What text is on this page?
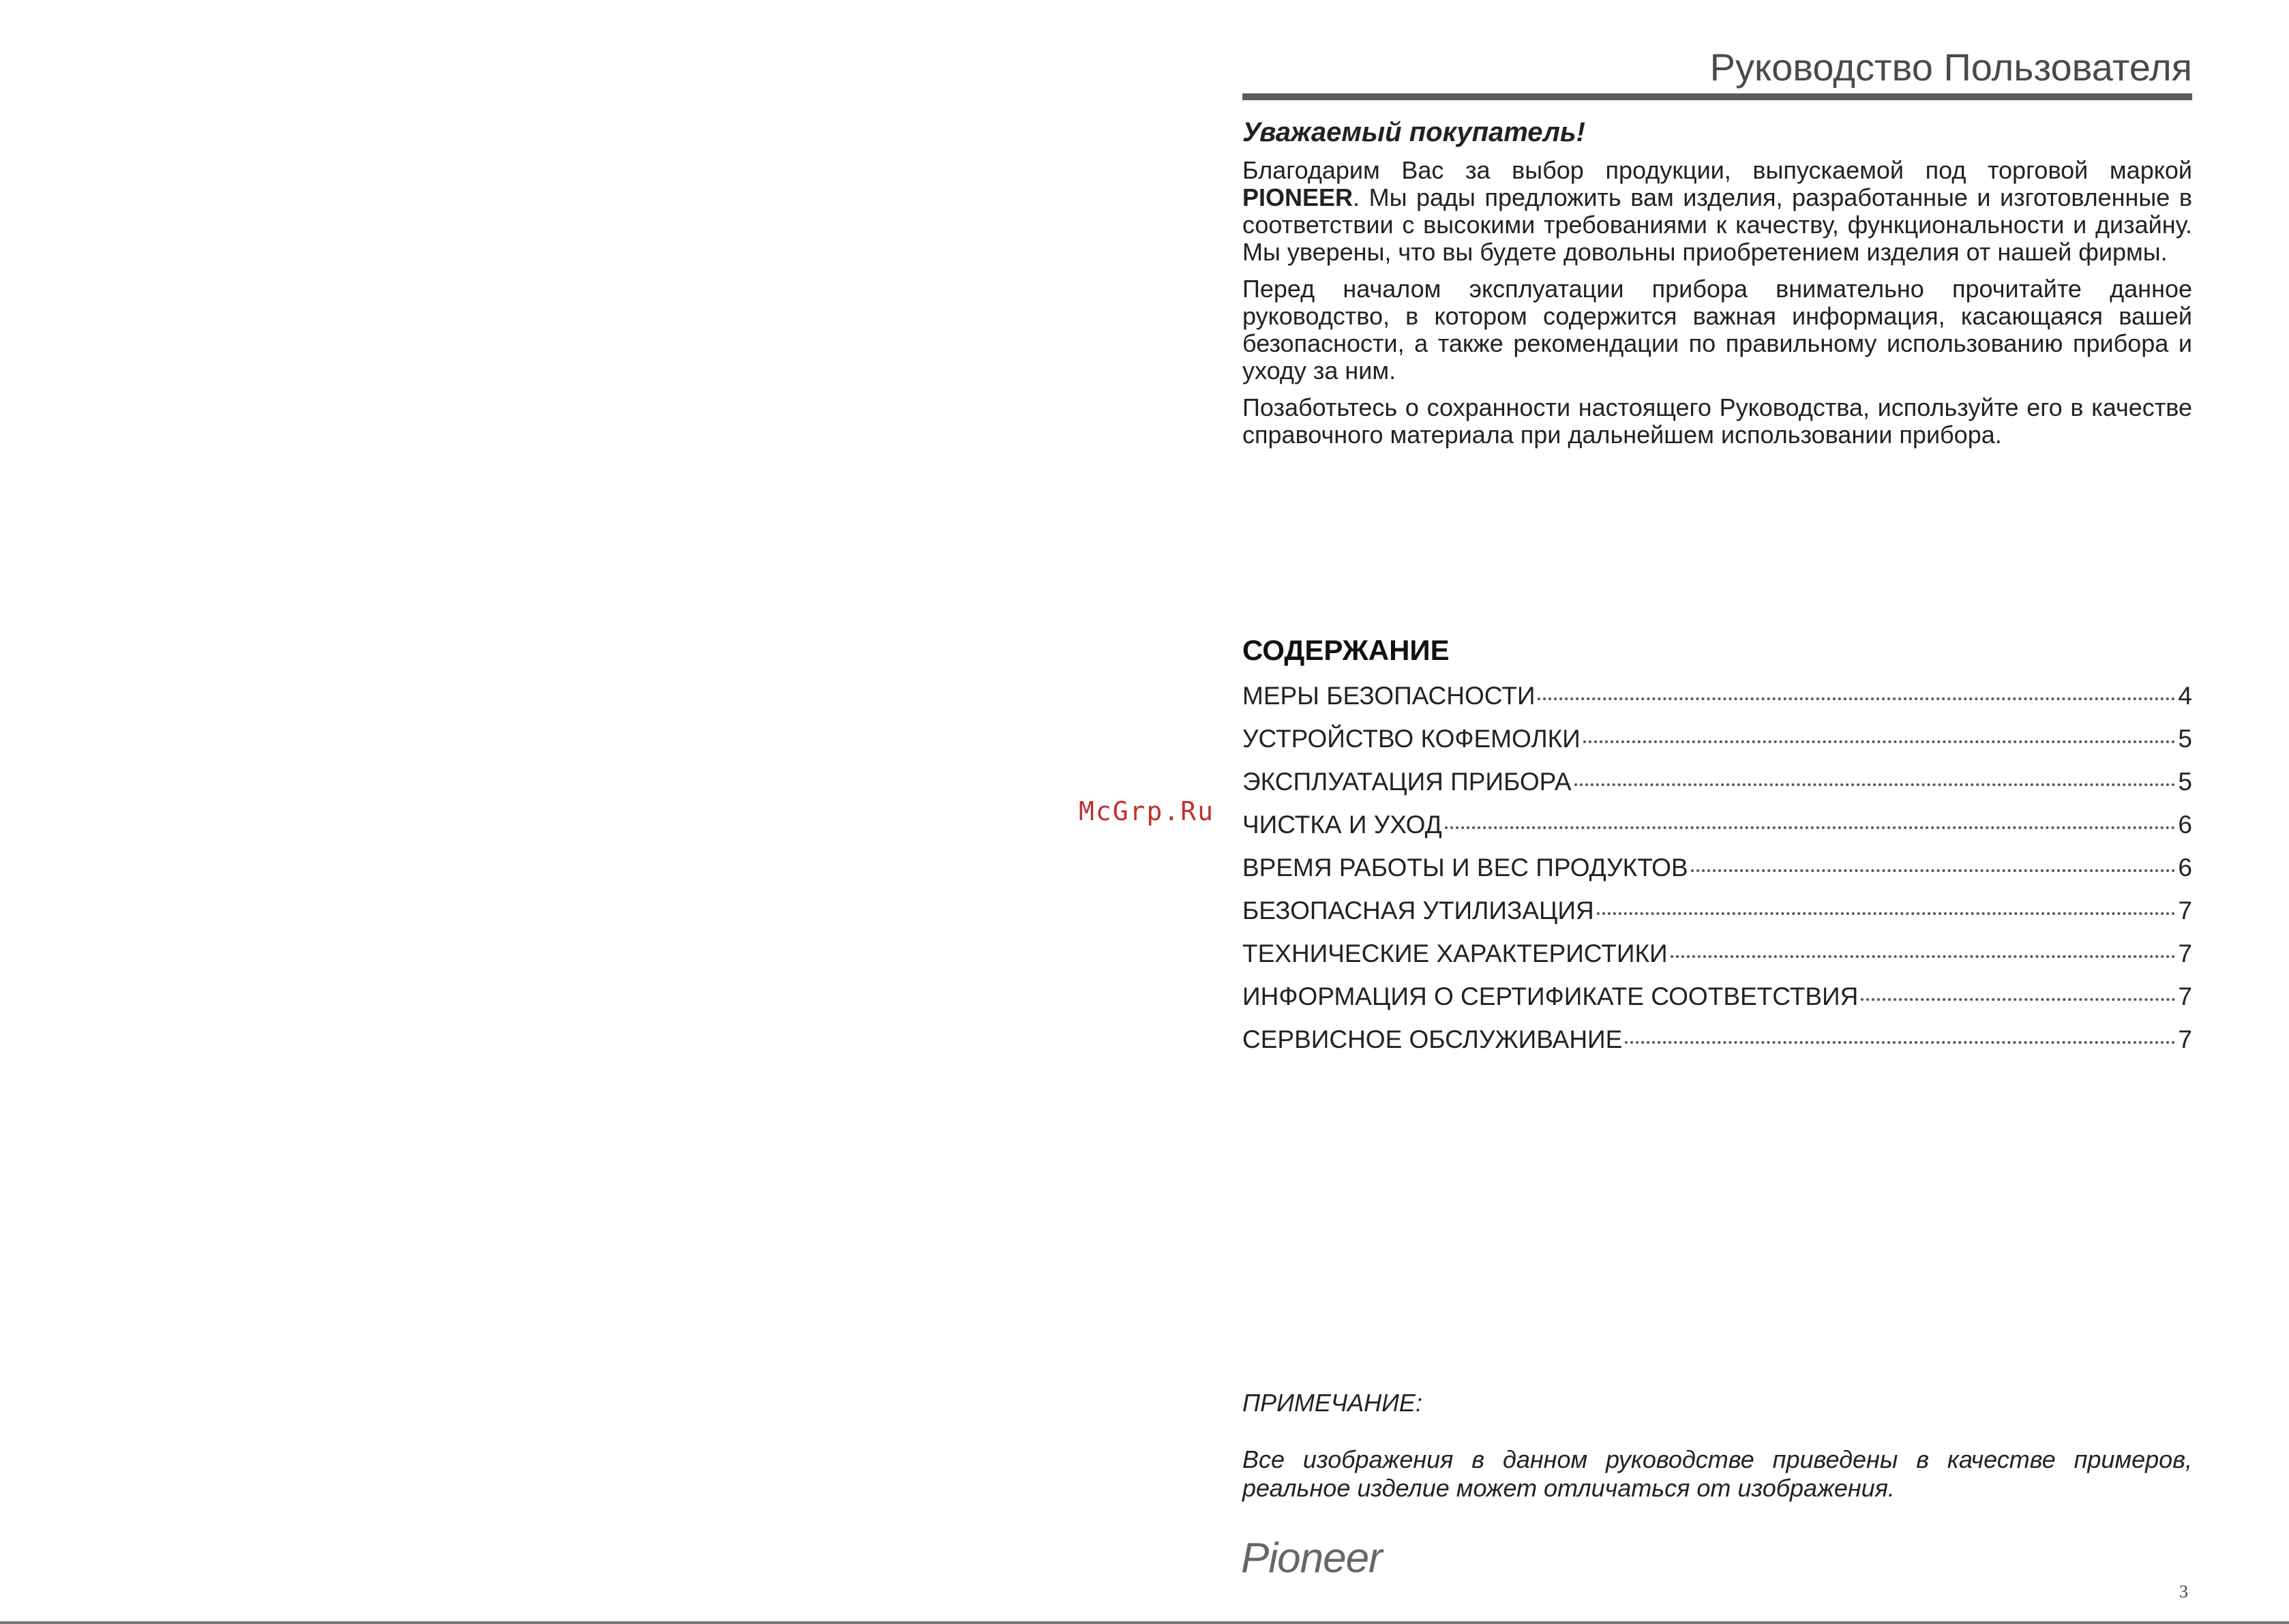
McGrp.Ru
Руководство Пользователя
Уважаемый покупатель!

Благодарим Вас за выбор продукции, выпускаемой под торговой маркой PIONEER. Мы рады предложить вам изделия, разработанные и изготовленные в соответствии с высокими требованиями к качеству, функциональности и дизайну. Мы уверены, что вы будете довольны приобретением изделия от нашей фирмы.

Перед началом эксплуатации прибора внимательно прочитайте данное руководство, в котором содержится важная информация, касающаяся вашей безопасности, а также рекомендации по правильному использованию прибора и уходу за ним.

Позаботьтесь о сохранности настоящего Руководства, используйте его в качестве справочного материала при дальнейшем использовании прибора.

СОДЕРЖАНИЕ
МЕРЫ БЕЗОПАСНОСТИ	4
УСТРОЙСТВО КОФЕМОЛКИ	5
ЭКСПЛУАТАЦИЯ ПРИБОРА	5
ЧИСТКА И УХОД	6
ВРЕМЯ РАБОТЫ И ВЕС ПРОДУКТОВ	6
БЕЗОПАСНАЯ УТИЛИЗАЦИЯ	7
ТЕХНИЧЕСКИЕ ХАРАКТЕРИСТИКИ	7
ИНФОРМАЦИЯ О СЕРТИФИКАТЕ СООТВЕТСТВИЯ	7
СЕРВИСНОЕ ОБСЛУЖИВАНИЕ	7
ПРИМЕЧАНИЕ:
Все изображения в данном руководстве приведены в качестве примеров, реальное изделие может отличаться от изображения.
Pioneer
3
